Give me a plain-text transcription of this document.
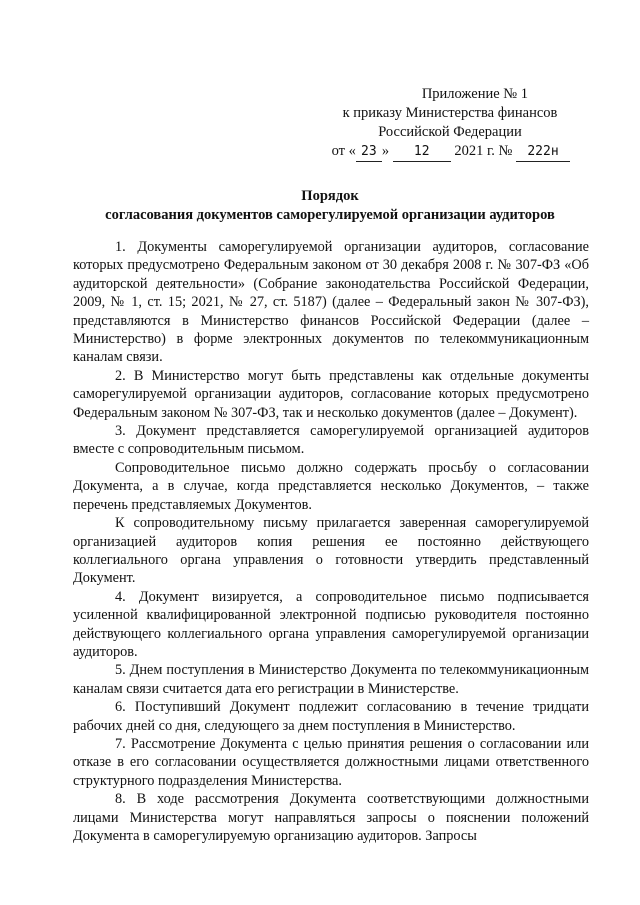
Приложение № 1
к приказу Министерства финансов
Российской Федерации
от « 23 » 12 2021 г. № 222н
Порядок
согласования документов саморегулируемой организации аудиторов

1. Документы саморегулируемой организации аудиторов, согласование которых предусмотрено Федеральным законом от 30 декабря 2008 г. № 307-ФЗ «Об аудиторской деятельности» (Собрание законодательства Российской Федерации, 2009, № 1, ст. 15; 2021, № 27, ст. 5187) (далее – Федеральный закон № 307-ФЗ), представляются в Министерство финансов Российской Федерации (далее – Министерство) в форме электронных документов по телекоммуникационным каналам связи.

2. В Министерство могут быть представлены как отдельные документы саморегулируемой организации аудиторов, согласование которых предусмотрено Федеральным законом № 307-ФЗ, так и несколько документов (далее – Документ).

3. Документ представляется саморегулируемой организацией аудиторов вместе с сопроводительным письмом.

Сопроводительное письмо должно содержать просьбу о согласовании Документа, а в случае, когда представляется несколько Документов, – также перечень представляемых Документов.

К сопроводительному письму прилагается заверенная саморегулируемой организацией аудиторов копия решения ее постоянно действующего коллегиального органа управления о готовности утвердить представленный Документ.

4. Документ визируется, а сопроводительное письмо подписывается усиленной квалифицированной электронной подписью руководителя постоянно действующего коллегиального органа управления саморегулируемой организации аудиторов.

5. Днем поступления в Министерство Документа по телекоммуникационным каналам связи считается дата его регистрации в Министерстве.

6. Поступивший Документ подлежит согласованию в течение тридцати рабочих дней со дня, следующего за днем поступления в Министерство.

7. Рассмотрение Документа с целью принятия решения о согласовании или отказе в его согласовании осуществляется должностными лицами ответственного структурного подразделения Министерства.

8. В ходе рассмотрения Документа соответствующими должностными лицами Министерства могут направляться запросы о пояснении положений Документа в саморегулируемую организацию аудиторов. Запросы
